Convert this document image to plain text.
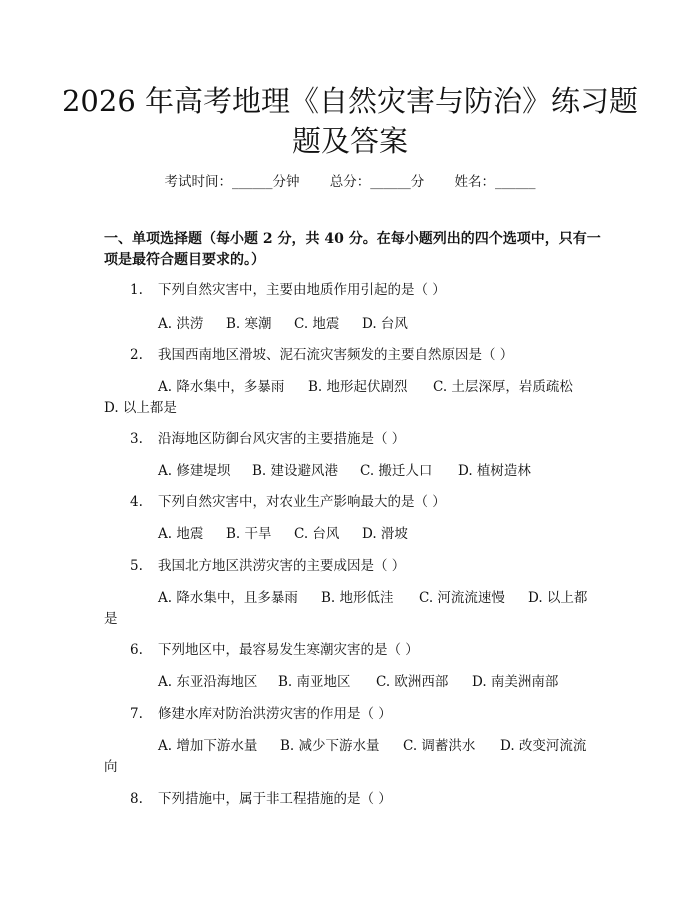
2026 年高考地理《自然灾害与防治》练习题
题及答案
考试时间：______分钟 总分：______分 姓名：______
一、单项选择题（每小题 2 分，共 40 分。在每小题列出的四个选项中，只有一项是最符合题目要求的。）
1. 下列自然灾害中，主要由地质作用引起的是（ ）
A. 洪涝 B. 寒潮 C. 地震 D. 台风
2. 我国西南地区滑坡、泥石流灾害频发的主要自然原因是（ ）
A. 降水集中，多暴雨 B. 地形起伏剧烈 C. 土层深厚，岩质疏松
D. 以上都是
3. 沿海地区防御台风灾害的主要措施是（ ）
A. 修建堤坝 B. 建设避风港 C. 搬迁人口 D. 植树造林
4. 下列自然灾害中，对农业生产影响最大的是（ ）
A. 地震 B. 干旱 C. 台风 D. 滑坡
5. 我国北方地区洪涝灾害的主要成因是（ ）
A. 降水集中，且多暴雨 B. 地形低洼 C. 河流流速慢 D. 以上都
是
6. 下列地区中，最容易发生寒潮灾害的是（ ）
A. 东亚沿海地区 B. 南亚地区 C. 欧洲西部 D. 南美洲南部
7. 修建水库对防治洪涝灾害的作用是（ ）
A. 增加下游水量 B. 减少下游水量 C. 调蓄洪水 D. 改变河流流
向
8. 下列措施中，属于非工程措施的是（ ）
